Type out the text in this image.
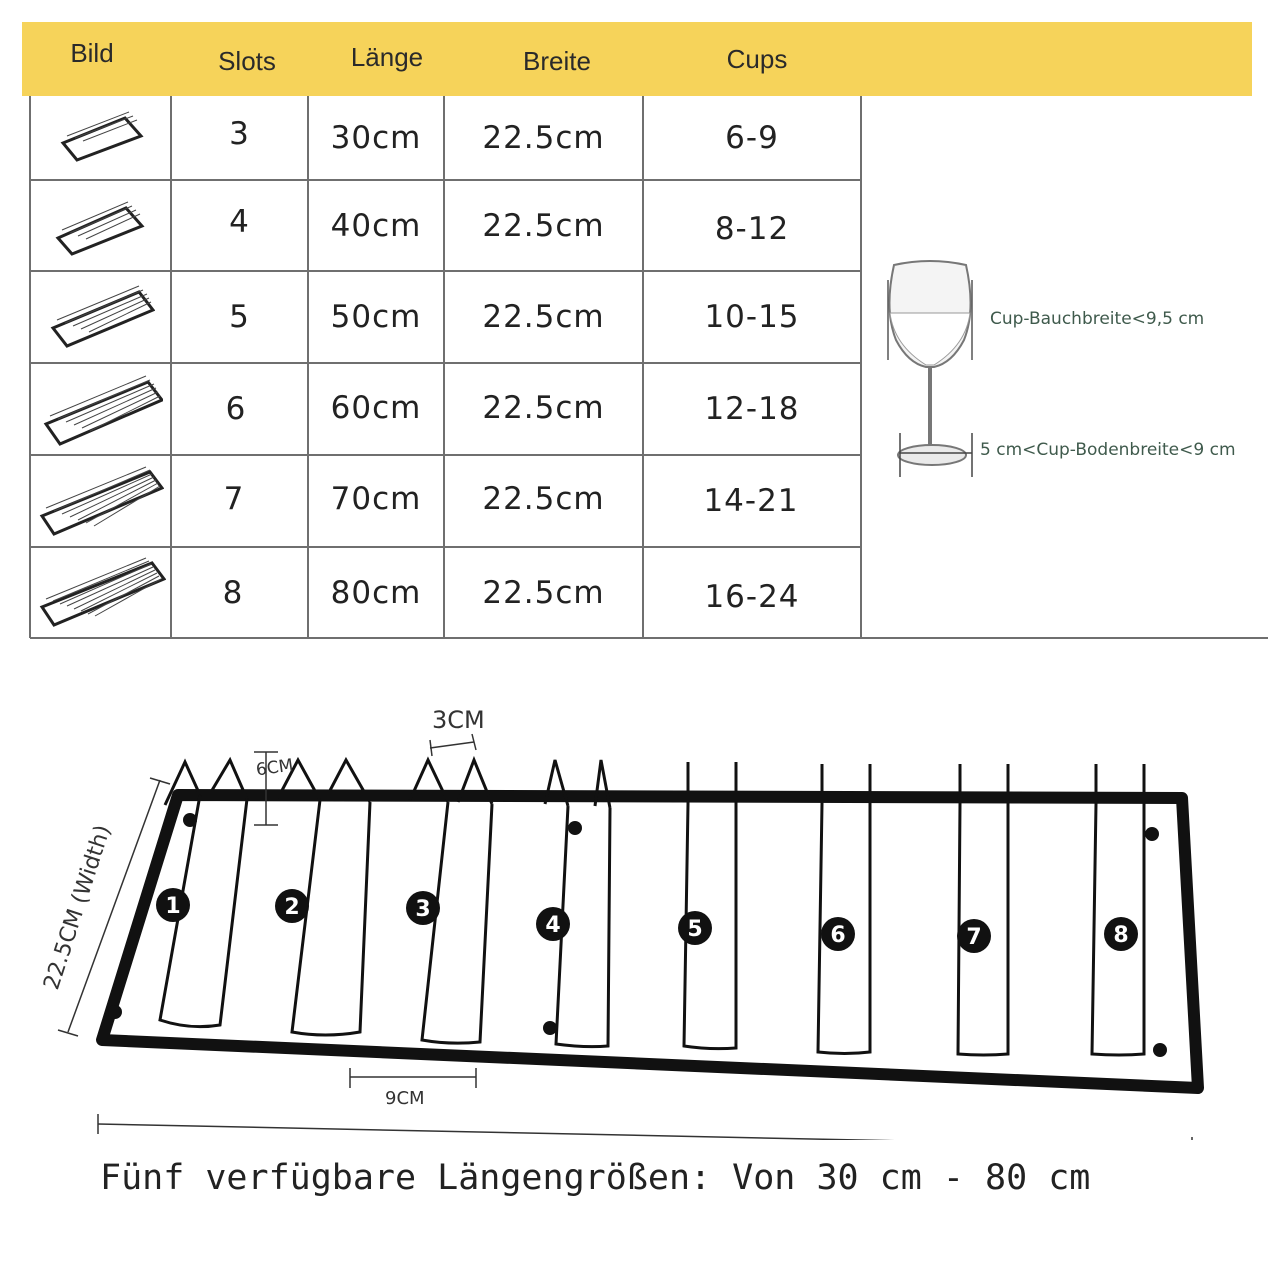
Bild	Slots	Länge	Breite	Cups
3	30cm	22.5cm	6-9
4	40cm	22.5cm	8-12
5	50cm	22.5cm	10-15
6	60cm	22.5cm	12-18
7	70cm	22.5cm	14-21
8	80cm	22.5cm	16-24
Cup-Bauchbreite<9,5 cm
5 cm<Cup-Bodenbreite<9 cm
1	2	3
4	5	6	7	8
3CM
6CM
22.5CM (Width)
9CM
Fünf verfügbare Längengrößen: Von 30 cm - 80 cm
